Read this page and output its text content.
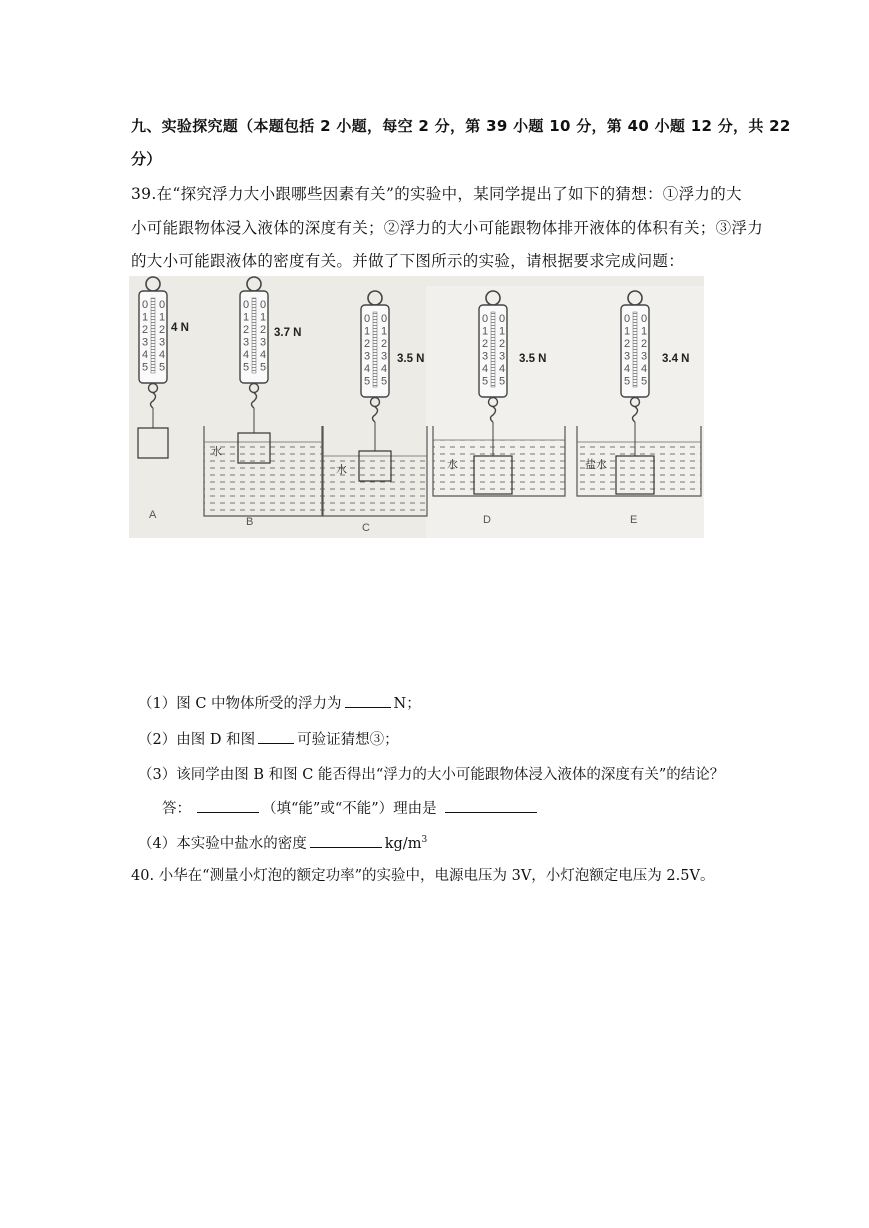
九、实验探究题（本题包括 2 小题，每空 2 分，第 39 小题 10 分，第 40 小题 12 分，共 22
分）
39.在“探究浮力大小跟哪些因素有关”的实验中，某同学提出了如下的猜想：①浮力的大
小可能跟物体浸入液体的深度有关；②浮力的大小可能跟物体排开液体的体积有关；③浮力
的大小可能跟液体的密度有关。并做了下图所示的实验，请根据要求完成问题：
0 0
1 1
2 2
3 3
4 4
5 5
4 N
A
0 0
1 1
2 2
3 3
4 4
5 5
3.7 N
水
B
0 0
1 1
2 2
3 3
4 4
5 5
3.5 N
水
C
0 0
1 1
2 2
3 3
4 4
5 5
3.5 N
水
D
0 0
1 1
2 2
3 3
4 4
5 5
3.4 N
盐水
E
（1）图 C 中物体所受的浮力为	N；
（2）由图 D 和图	可验证猜想③；
（3）该同学由图 B 和图 C 能否得出“浮力的大小可能跟物体浸入液体的深度有关”的结论？
答：	（填“能”或“不能”）理由是
（4）本实验中盐水的密度	$kg/m^3$
40. 小华在“测量小灯泡的额定功率”的实验中，电源电压为 3V，小灯泡额定电压为 2.5V。
